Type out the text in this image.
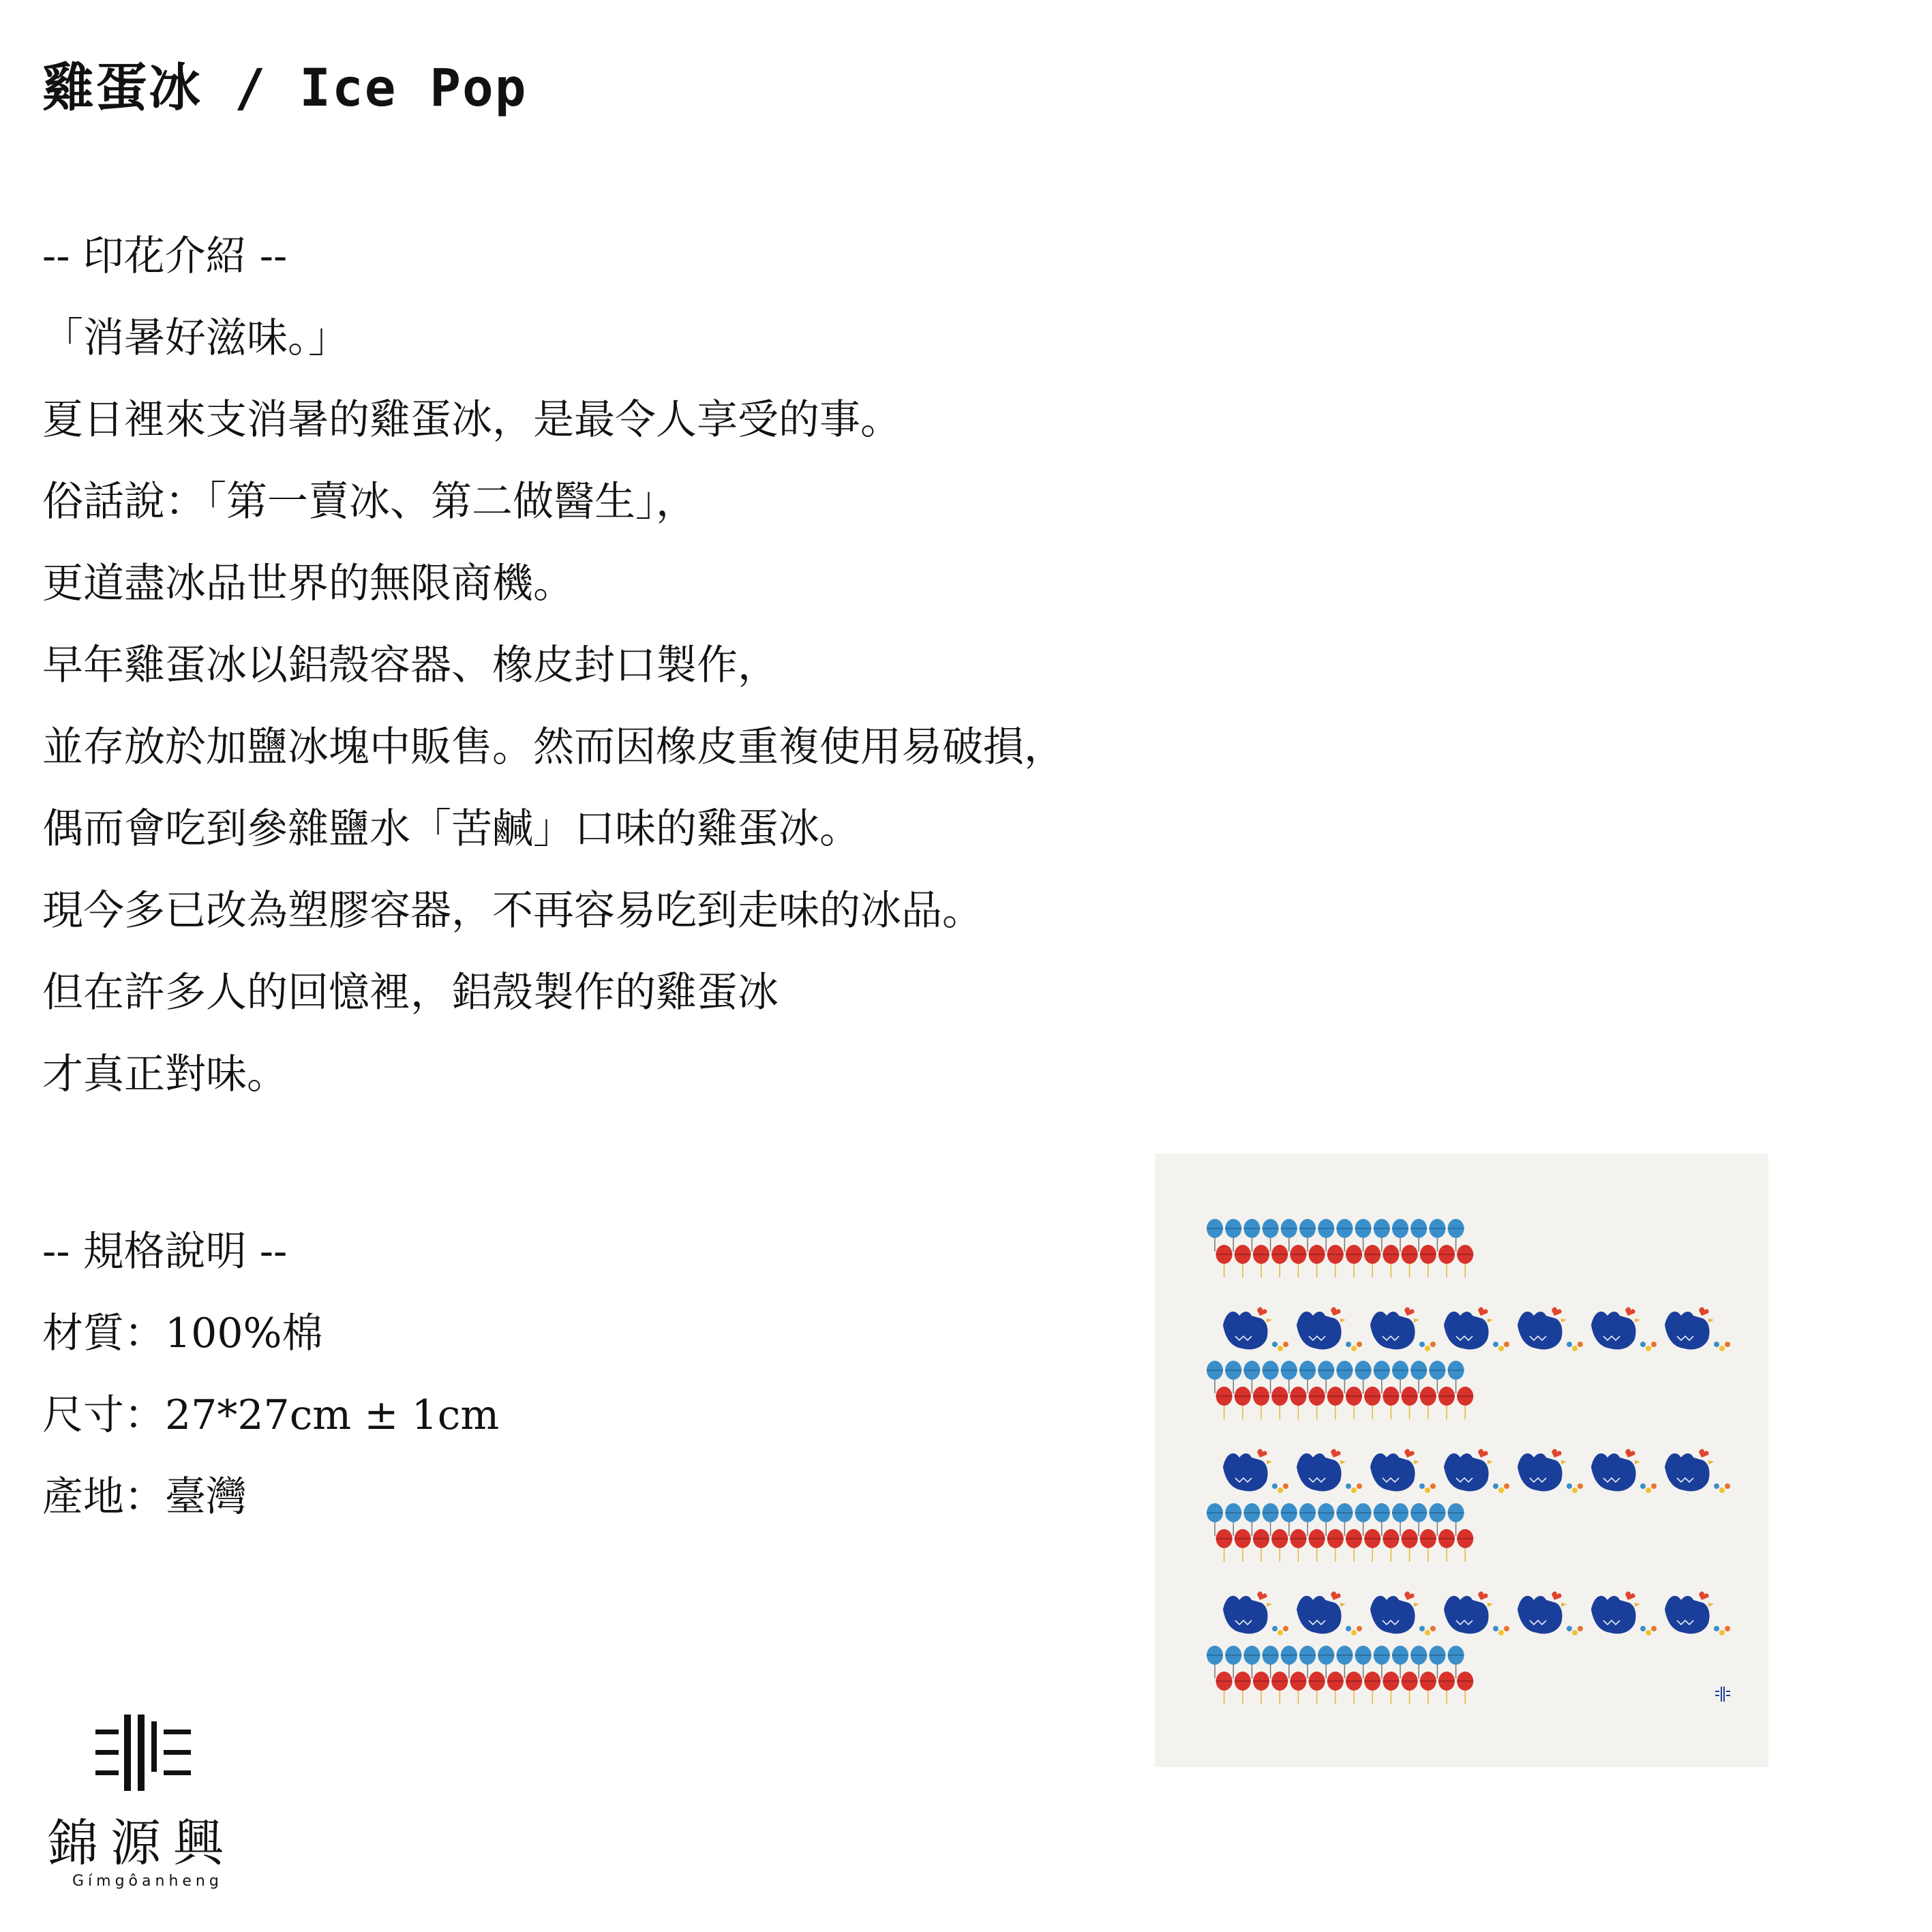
雞蛋冰 / Ice Pop
-- 印花介紹 --
「消暑好滋味。」
夏日裡來支消暑的雞蛋冰，是最令人享受的事。
俗話說：「第一賣冰、第二做醫生」，
更道盡冰品世界的無限商機。
早年雞蛋冰以鋁殼容器、橡皮封口製作，
並存放於加鹽冰塊中販售。然而因橡皮重複使用易破損，
偶而會吃到參雜鹽水「苦鹹」口味的雞蛋冰。
現今多已改為塑膠容器，不再容易吃到走味的冰品。
但在許多人的回憶裡，鋁殼製作的雞蛋冰
才真正對味。
-- 規格說明 --
材質：100%棉
尺寸：27*27cm ± 1cm
產地：臺灣
錦源興
Gímgôanheng
